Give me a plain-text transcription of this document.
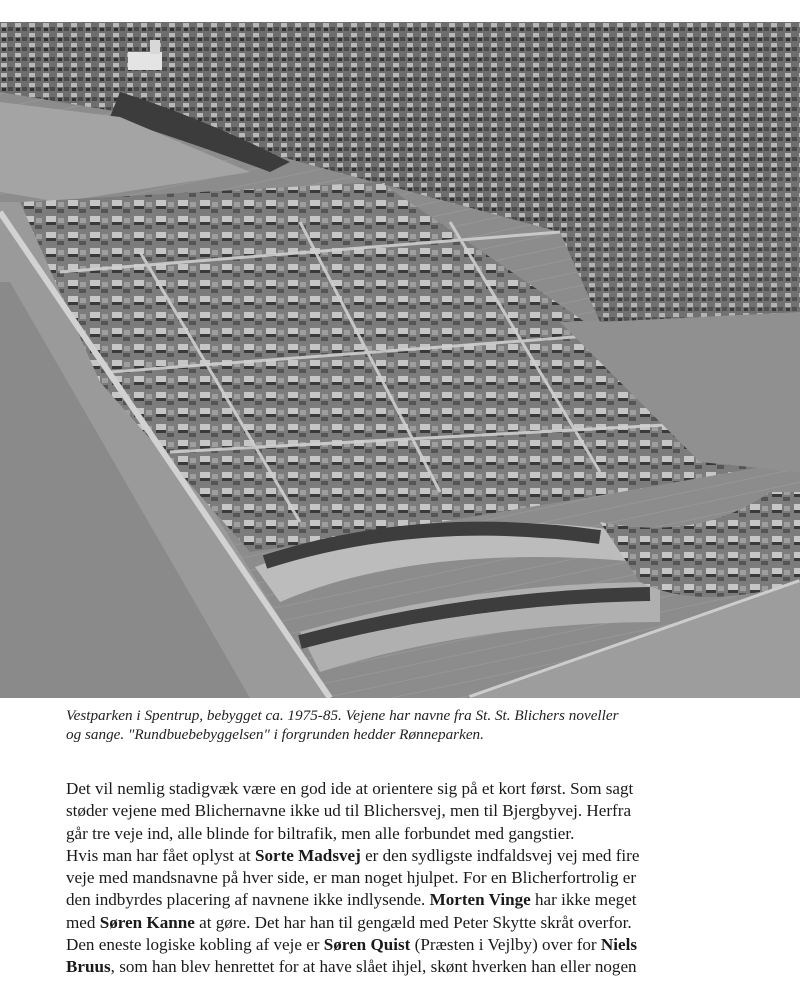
Vestparken i Spentrup, bebygget ca. 1975-85. Vejene har navne fra St. St. Blichers noveller
og sange. "Rundbuebebyggelsen" i forgrunden hedder Rønneparken.
Det vil nemlig stadigvæk være en god ide at orientere sig på et kort først. Som sagt
støder vejene med Blichernavne ikke ud til Blichersvej, men til Bjergbyvej. Herfra
går tre veje ind, alle blinde for biltrafik, men alle forbundet med gangstier.
Hvis man har fået oplyst at Sorte Madsvej er den sydligste indfaldsvej vej med fire
veje med mandsnavne på hver side, er man noget hjulpet. For en Blicherfortrolig er
den indbyrdes placering af navnene ikke indlysende. Morten Vinge har ikke meget
med Søren Kanne at gøre. Det har han til gengæld med Peter Skytte skråt overfor.
Den eneste logiske kobling af veje er Søren Quist (Præsten i Vejlby) over for Niels
Bruus, som han blev henrettet for at have slået ihjel, skønt hverken han eller nogen
